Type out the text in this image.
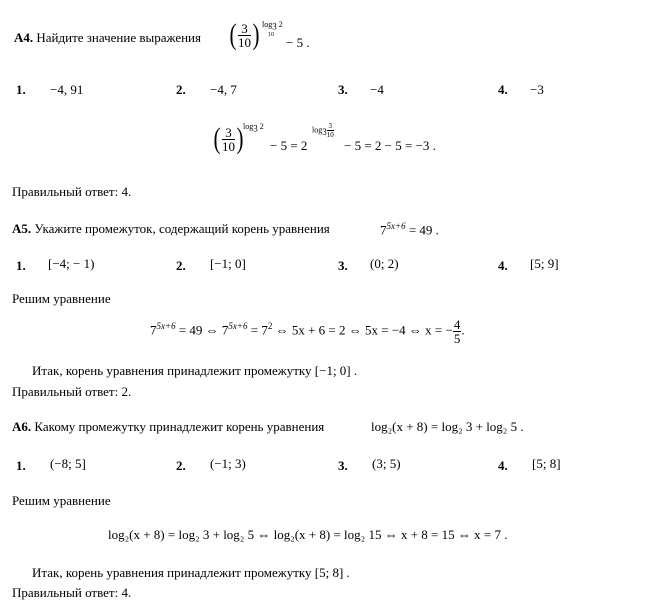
А4. Найдите значение выражения ( $\frac{3}{10}$ ) $\log_3 2$
10 − 5 .
1. −4, 91	2. −4, 7	3. −4	4. −3
( $\frac{3}{10}$ ) $\log_3 2$
− 5 = 2
$\log_3 \frac{3}{10}$
− 5 = 2 − 5 = −3 .
Правильный ответ: 4.
А5. Укажите промежуток, содержащий корень уравнения	$7^{5x+6} = 49$ .
1. [−4; − 1)	2. [−1; 0]	3. (0; 2)	4. [5; 9]
Решим уравнение
$7^{5x+6} = 49$ ⇔ $7^{5x+6} = 7^2$ ⇔ 5x + 6 = 2 ⇔ 5x = −4 ⇔ x = − $\frac{4}{5}$ .
Итак, корень уравнения принадлежит промежутку [−1; 0] .
Правильный ответ: 2.
А6. Какому промежутку принадлежит корень уравнения	log₂(x + 8) = log₂ 3 + log₂ 5 .
1. (−8; 5]	2. (−1; 3)	3. (3; 5)	4. [5; 8]
Решим уравнение
log₂(x + 8) = log₂ 3 + log₂ 5 ⇔ log₂(x + 8) = log₂ 15 ⇔ x + 8 = 15 ⇔ x = 7 .
Итак, корень уравнения принадлежит промежутку [5; 8] .
Правильный ответ: 4.
